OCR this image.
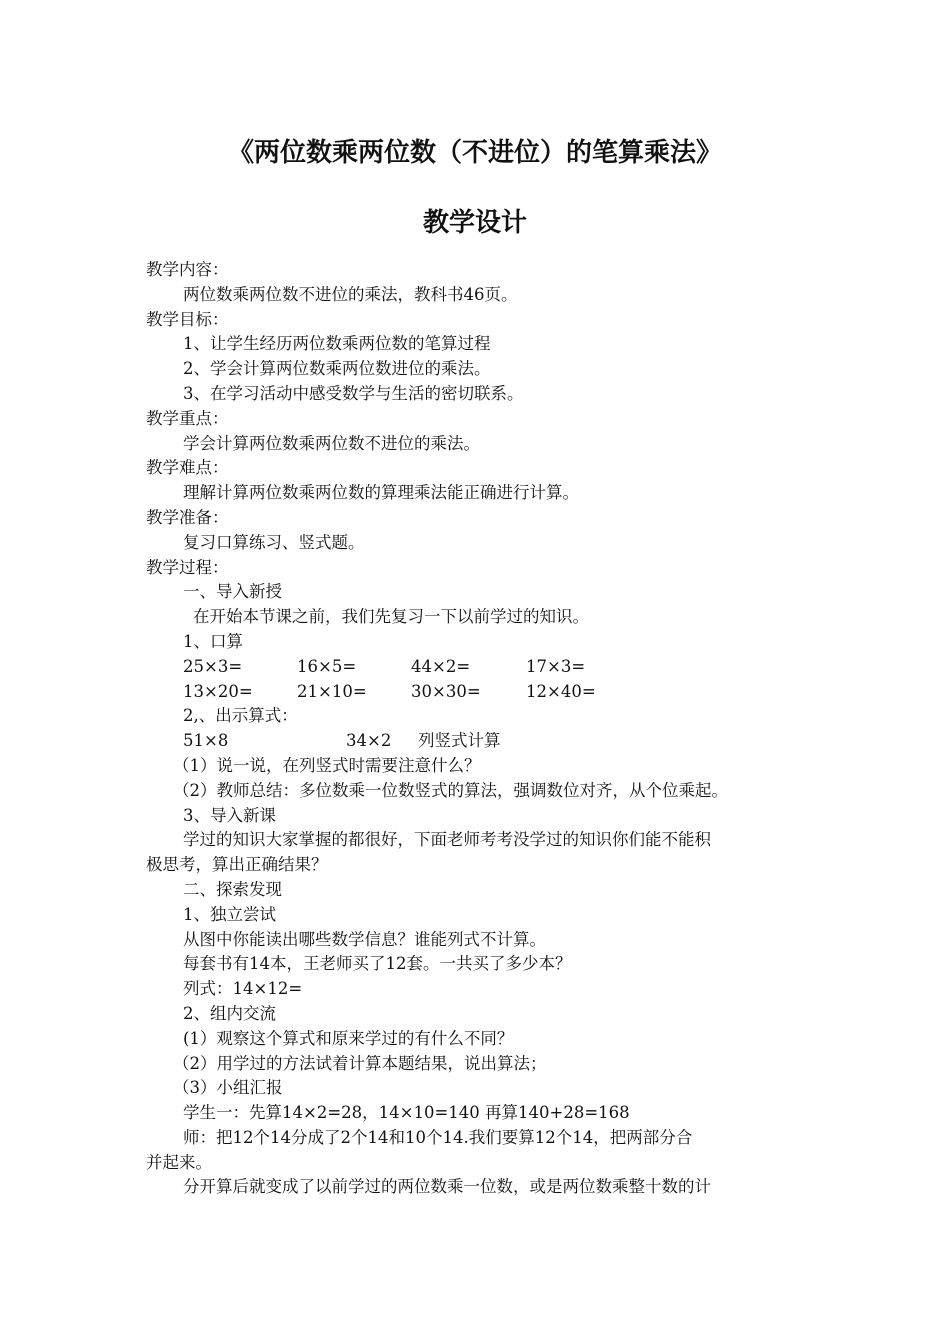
《两位数乘两位数（不进位）的笔算乘法》
教学设计
教学内容：
两位数乘两位数不进位的乘法，教科书46页。
教学目标：
1、让学生经历两位数乘两位数的笔算过程
2、学会计算两位数乘两位数进位的乘法。
3、在学习活动中感受数学与生活的密切联系。
教学重点：
学会计算两位数乘两位数不进位的乘法。
教学难点：
理解计算两位数乘两位数的算理乘法能正确进行计算。
教学准备：
复习口算练习、竖式题。
教学过程：
一、导入新授
在开始本节课之前，我们先复习一下以前学过的知识。
1、口算
25×3=	16×5=	44×2=	17×3=
13×20=	21×10=	30×30=	12×40=
2,、出示算式：
51×8	34×2 列竖式计算
（1）说一说，在列竖式时需要注意什么？
（2）教师总结：多位数乘一位数竖式的算法，强调数位对齐，从个位乘起。
3、导入新课
学过的知识大家掌握的都很好，下面老师考考没学过的知识你们能不能积
极思考，算出正确结果？
二、探索发现
1、独立尝试
从图中你能读出哪些数学信息？谁能列式不计算。
每套书有14本，王老师买了12套。一共买了多少本？
列式：14×12=
2、组内交流
(1）观察这个算式和原来学过的有什么不同？
（2）用学过的方法试着计算本题结果，说出算法；
（3）小组汇报
学生一：先算14×2=28，14×10=140 再算140+28=168
师：把12个14分成了2个14和10个14.我们要算12个14，把两部分合
并起来。
分开算后就变成了以前学过的两位数乘一位数，或是两位数乘整十数的计
